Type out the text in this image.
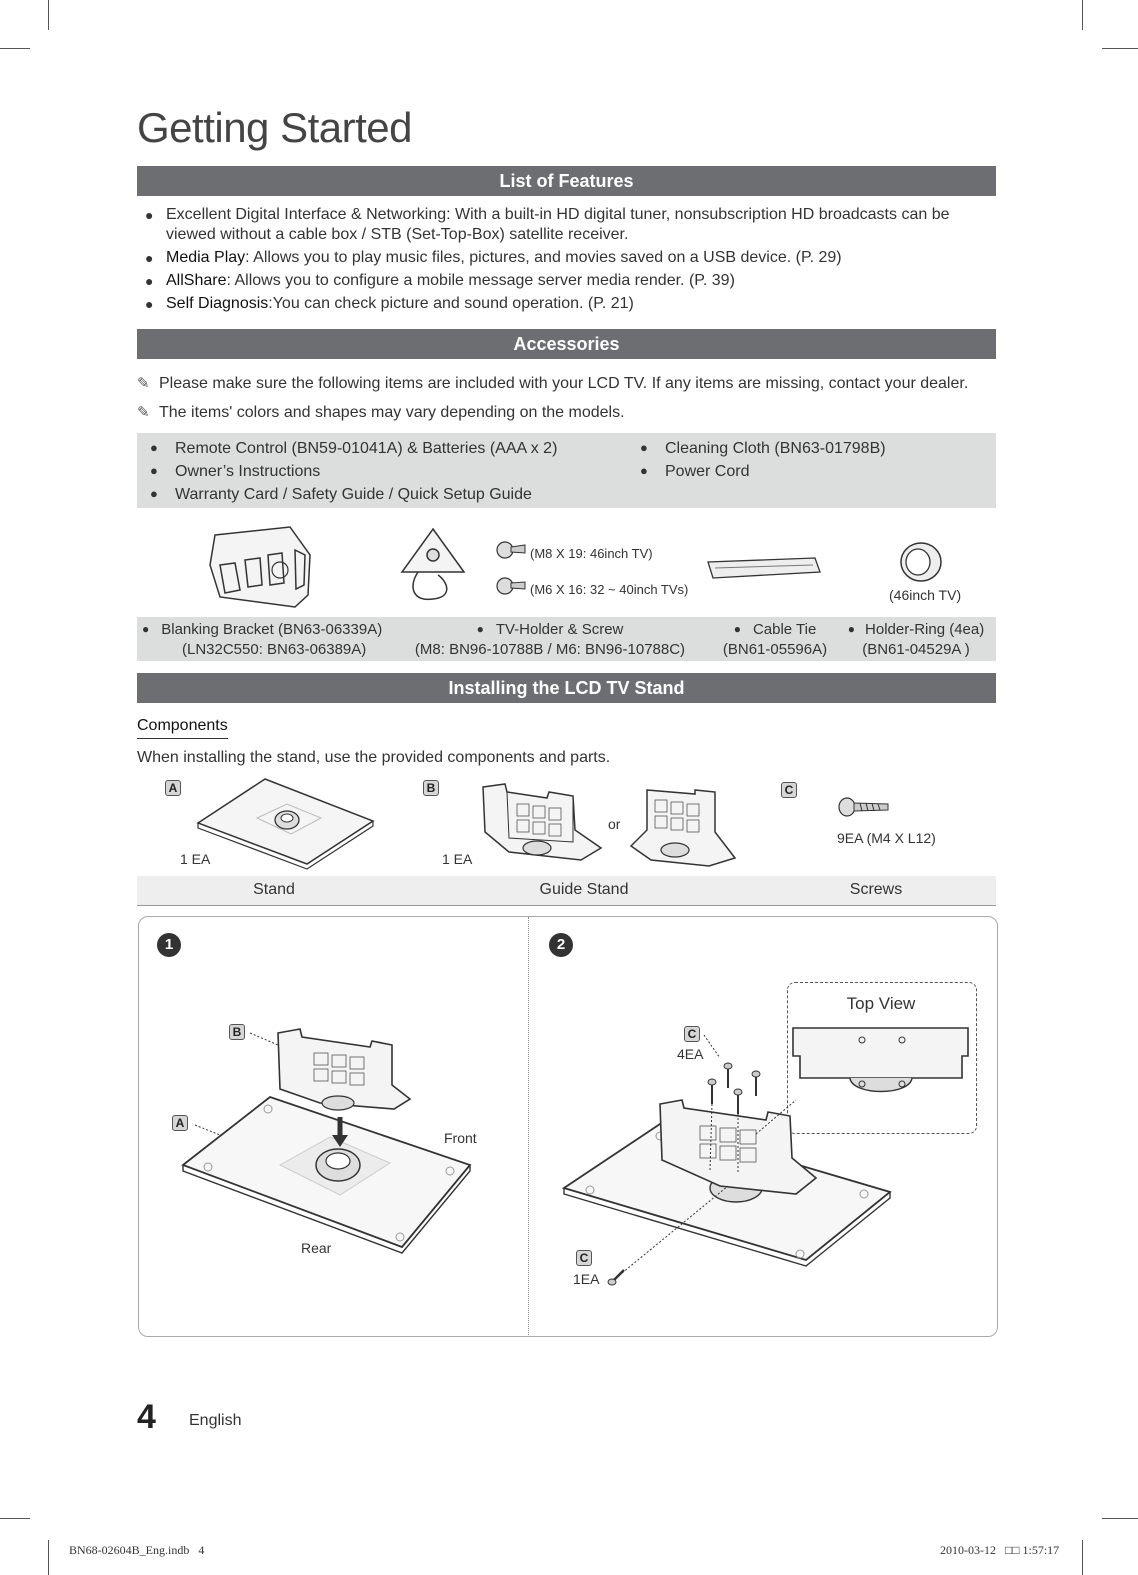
Getting Started
List of Features
● Excellent Digital Interface & Networking: With a built-in HD digital tuner, nonsubscription HD broadcasts can be viewed without a cable box / STB (Set-Top-Box) satellite receiver.
● Media Play: Allows you to play music files, pictures, and movies saved on a USB device. (P. 29)
● AllShare: Allows you to configure a mobile message server media render. (P. 39)
● Self Diagnosis:You can check picture and sound operation. (P. 21)
Accessories
✎ Please make sure the following items are included with your LCD TV. If any items are missing, contact your dealer.
✎ The items' colors and shapes may vary depending on the models.
● Remote Control (BN59-01041A) & Batteries (AAA x 2)
● Owner’s Instructions
● Warranty Card / Safety Guide / Quick Setup Guide
● Cleaning Cloth (BN63-01798B)
● Power Cord
(M8 X 19: 46inch TV)
(M6 X 16: 32 ~ 40inch TVs)	(46inch TV)
● Blanking Bracket (BN63-06339A)
(LN32C550: BN63-06389A)
● TV-Holder & Screw
(M8: BN96-10788B / M6: BN96-10788C)
● Cable Tie
(BN61-05596A)
● Holder-Ring (4ea)
(BN61-04529A )
Installing the LCD TV Stand
Components
When installing the stand, use the provided components and parts.
A
1 EA
B
or
1 EA
C
9EA (M4 X L12)
Stand	Guide Stand	Screws
1
B
A
Front
Rear
2
Top View
C
4EA
C
1EA
4 English
BN68-02604B_Eng.indb   4	2010-03-12   □□ 1:57:17
